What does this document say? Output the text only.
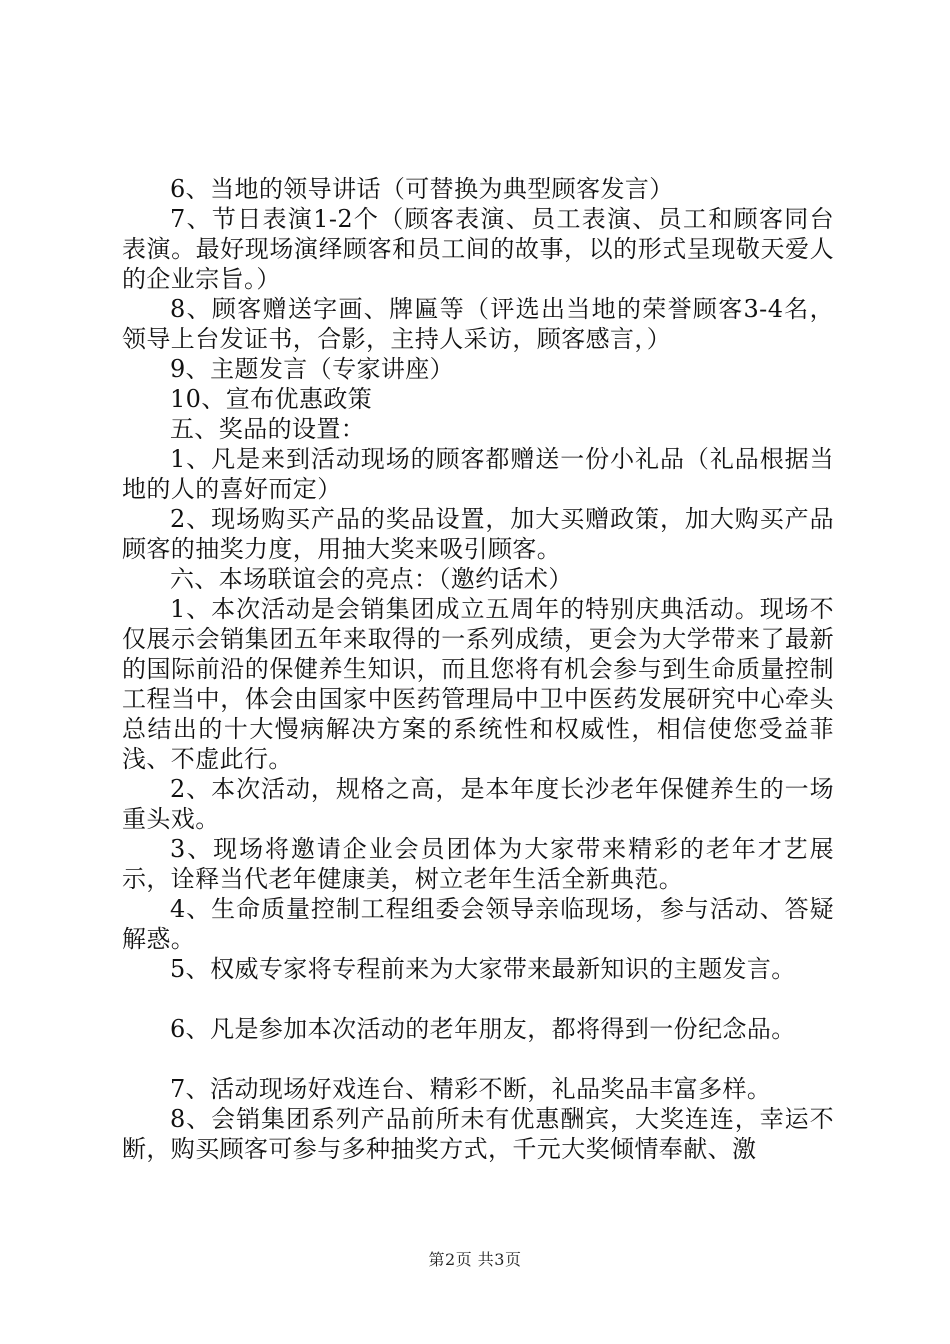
6、当地的领导讲话（可替换为典型顾客发言）

7、节日表演1-2个（顾客表演、员工表演、员工和顾客同台表演。最好现场演绎顾客和员工间的故事，以的形式呈现敬天爱人的企业宗旨。）

8、顾客赠送字画、牌匾等（评选出当地的荣誉顾客3-4名，领导上台发证书，合影，主持人采访，顾客感言，）

9、主题发言（专家讲座）

10、宣布优惠政策

五、奖品的设置：

1、凡是来到活动现场的顾客都赠送一份小礼品（礼品根据当地的人的喜好而定）

2、现场购买产品的奖品设置，加大买赠政策，加大购买产品顾客的抽奖力度，用抽大奖来吸引顾客。

六、本场联谊会的亮点：（邀约话术）

1、本次活动是会销集团成立五周年的特别庆典活动。现场不仅展示会销集团五年来取得的一系列成绩，更会为大学带来了最新的国际前沿的保健养生知识，而且您将有机会参与到生命质量控制工程当中，体会由国家中医药管理局中卫中医药发展研究中心牵头总结出的十大慢病解决方案的系统性和权威性，相信使您受益菲浅、不虚此行。

2、本次活动，规格之高，是本年度长沙老年保健养生的一场重头戏。

3、现场将邀请企业会员团体为大家带来精彩的老年才艺展示，诠释当代老年健康美，树立老年生活全新典范。

4、生命质量控制工程组委会领导亲临现场，参与活动、答疑解惑。

5、权威专家将专程前来为大家带来最新知识的主题发言。

6、凡是参加本次活动的老年朋友，都将得到一份纪念品。

7、活动现场好戏连台、精彩不断，礼品奖品丰富多样。

8、会销集团系列产品前所未有优惠酬宾，大奖连连，幸运不断，购买顾客可参与多种抽奖方式，千元大奖倾情奉献、激

第2页 共3页
